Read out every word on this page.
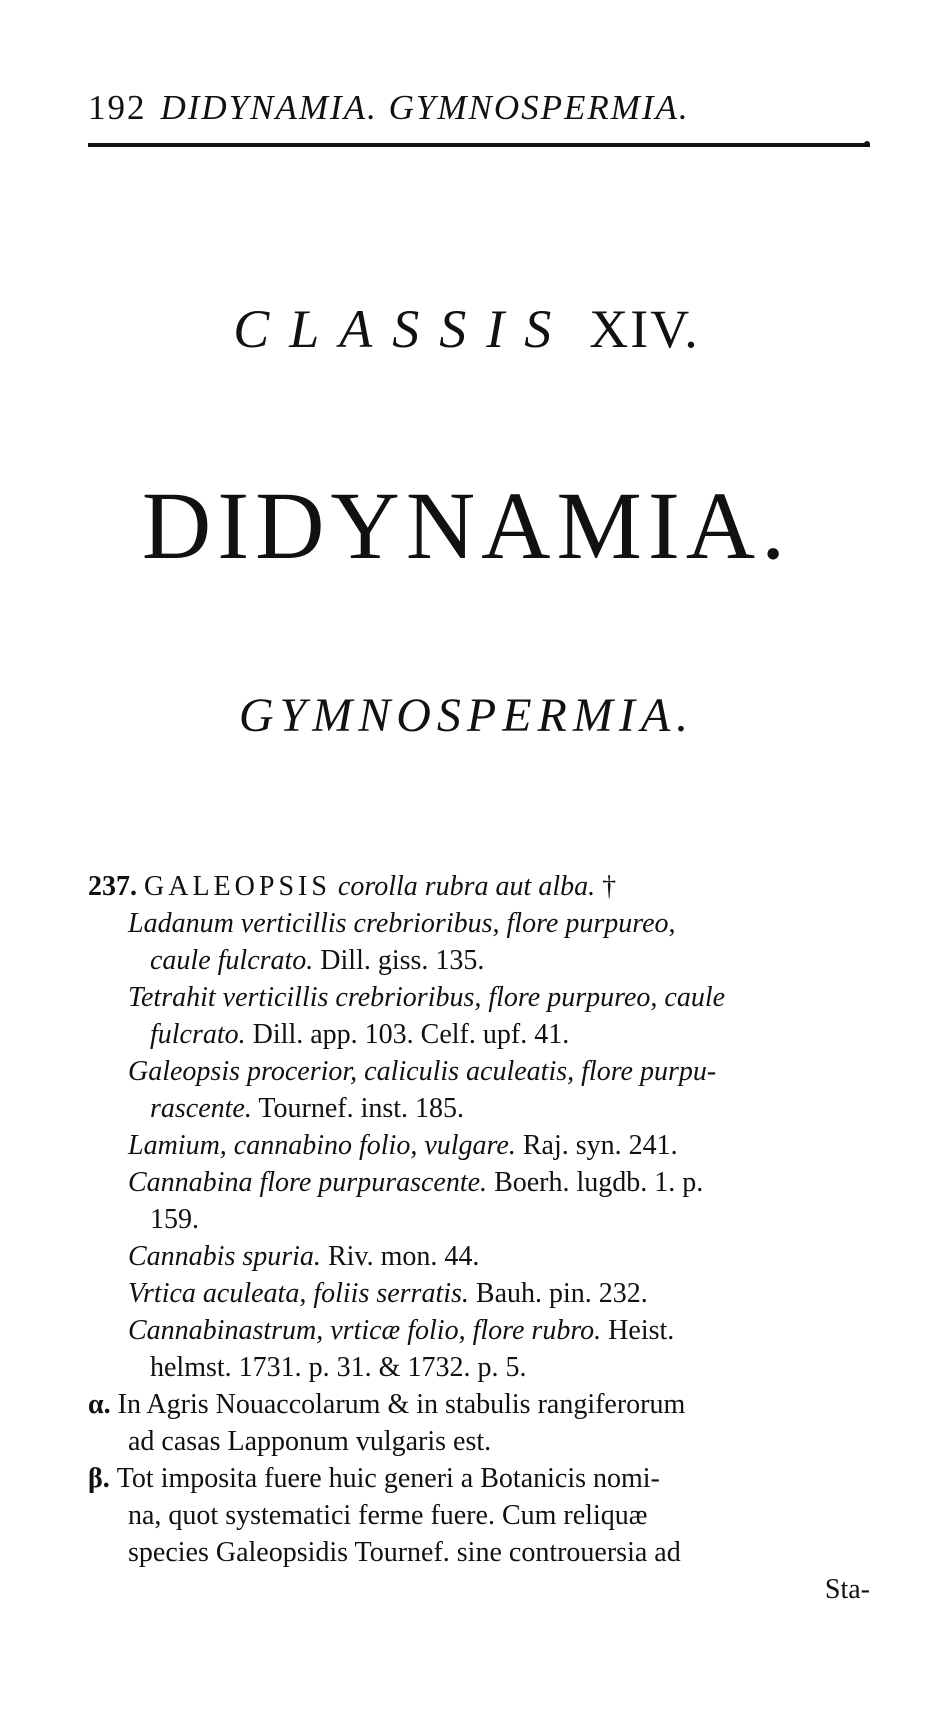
192 DIDYNAMIA. GYMNOSPERMIA.
CLASSIS XIV.
DIDYNAMIA.
GYMNOSPERMIA.
237. GALEOPSIS corolla rubra aut alba. †
Ladanum verticillis crebrioribus, flore purpureo,
caule fulcrato. Dill. giss. 135.
Tetrahit verticillis crebrioribus, flore purpureo, caule
fulcrato. Dill. app. 103. Celf. upf. 41.
Galeopsis procerior, caliculis aculeatis, flore purpu-
rascente. Tournef. inst. 185.
Lamium, cannabino folio, vulgare. Raj. syn. 241.
Cannabina flore purpurascente. Boerh. lugdb. 1. p.
159.
Cannabis spuria. Riv. mon. 44.
Vrtica aculeata, foliis serratis. Bauh. pin. 232.
Cannabinastrum, vrticæ folio, flore rubro. Heist.
helmst. 1731. p. 31. & 1732. p. 5.
α. In Agris Nouaccolarum & in stabulis rangiferorum
ad casas Lapponum vulgaris est.
β. Tot imposita fuere huic generi a Botanicis nomi-
na, quot systematici ferme fuere. Cum reliquæ
species Galeopsidis Tournef. sine controuersia ad
Sta-
